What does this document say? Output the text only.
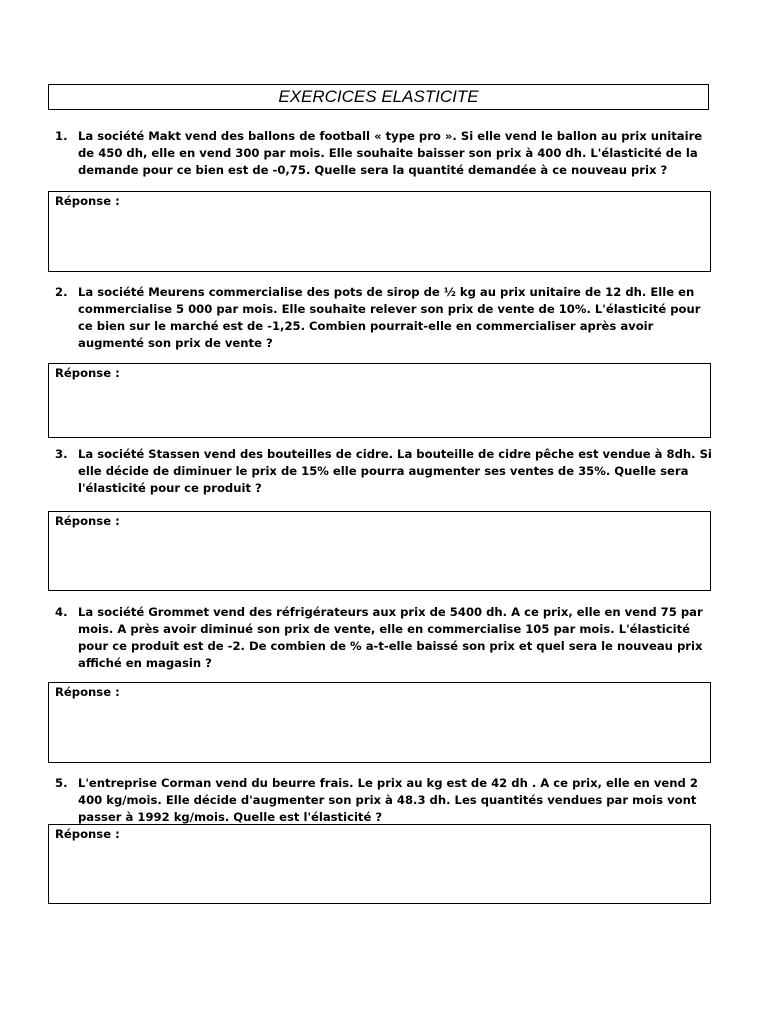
EXERCICES ELASTICITE
1. La société Makt vend des ballons de football « type pro ». Si elle vend le ballon au prix unitaire de 450 dh, elle en vend 300 par mois. Elle souhaite baisser son prix à 400 dh. L'élasticité de la demande pour ce bien est de -0,75. Quelle sera la quantité demandée à ce nouveau prix ?
Réponse :
2. La société Meurens commercialise des pots de sirop de ½ kg au prix unitaire de 12 dh. Elle en commercialise 5 000 par mois. Elle souhaite relever son prix de vente de 10%. L'élasticité pour ce bien sur le marché est de -1,25. Combien pourrait-elle en commercialiser après avoir augmenté son prix de vente ?
Réponse :
3. La société Stassen vend des bouteilles de cidre. La bouteille de cidre pêche est vendue à 8dh. Si elle décide de diminuer le prix de 15% elle pourra augmenter ses ventes de 35%. Quelle sera l'élasticité pour ce produit ?
Réponse :
4. La société Grommet vend des réfrigérateurs aux prix de 5400 dh. A ce prix, elle en vend 75 par mois. A près avoir diminué son prix de vente, elle en commercialise 105 par mois. L'élasticité pour ce produit est de -2. De combien de % a-t-elle baissé son prix et quel sera le nouveau prix affiché en magasin ?
Réponse :
5. L'entreprise Corman vend du beurre frais. Le prix au kg est de 42 dh . A ce prix, elle en vend 2 400 kg/mois. Elle décide d'augmenter son prix à 48.3 dh. Les quantités vendues par mois vont passer à 1992 kg/mois. Quelle est l'élasticité ?
Réponse :
